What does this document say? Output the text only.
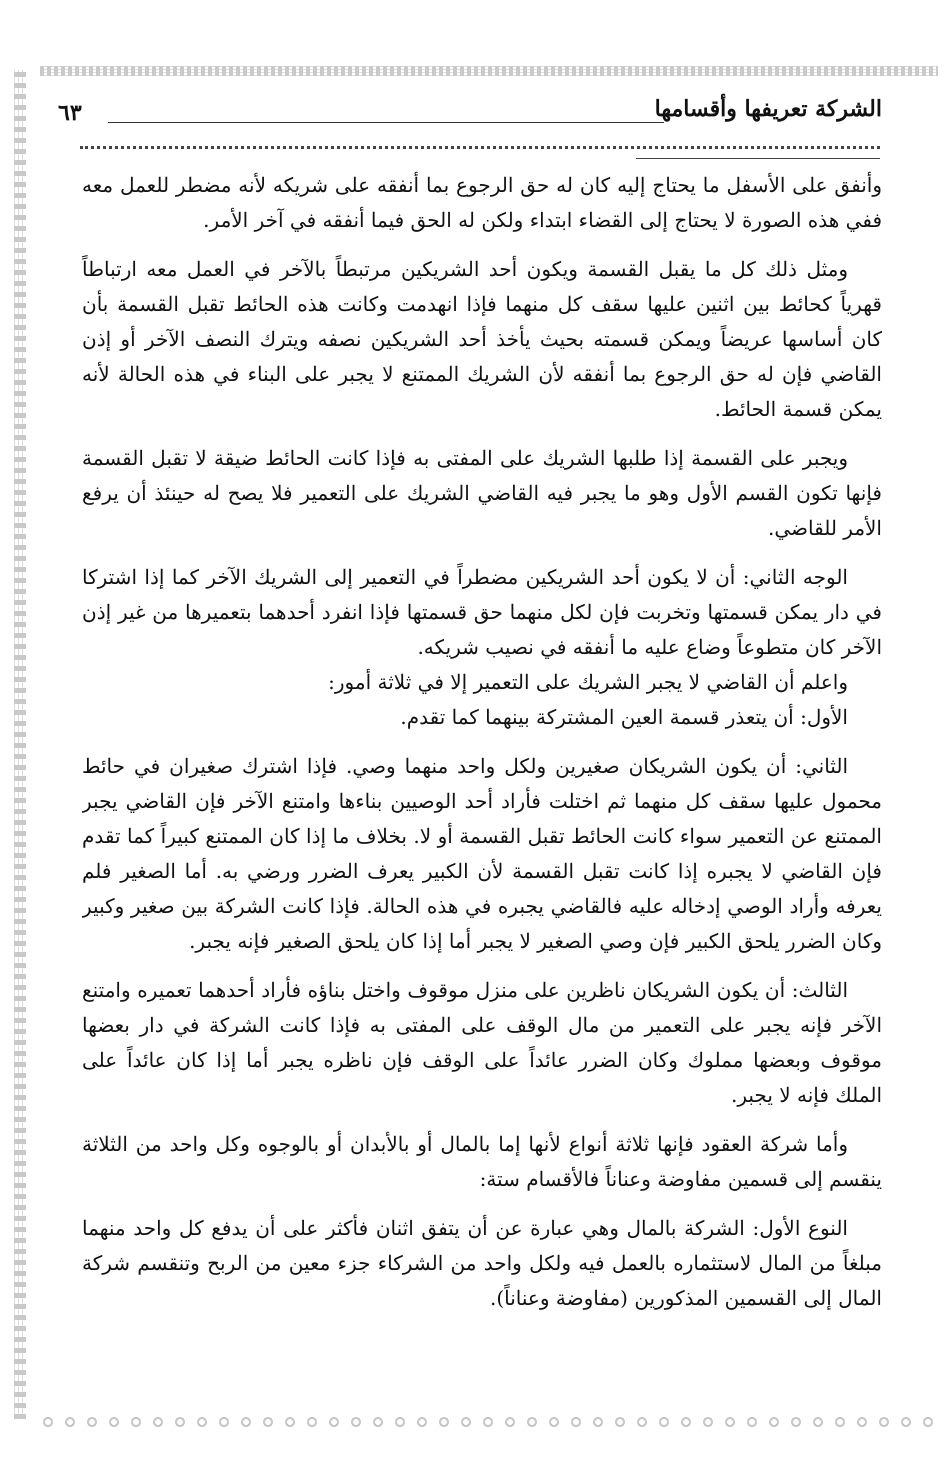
الشركة تعريفها وأقسامها
٦٣

وأنفق على الأسفل ما يحتاج إليه كان له حق الرجوع بما أنفقه على شريكه لأنه مضطر للعمل معه ففي هذه الصورة لا يحتاج إلى القضاء ابتداء ولكن له الحق فيما أنفقه في آخر الأمر.

ومثل ذلك كل ما يقبل القسمة ويكون أحد الشريكين مرتبطاً بالآخر في العمل معه ارتباطاً قهرياً كحائط بين اثنين عليها سقف كل منهما فإذا انهدمت وكانت هذه الحائط تقبل القسمة بأن كان أساسها عريضاً ويمكن قسمته بحيث يأخذ أحد الشريكين نصفه ويترك النصف الآخر أو إذن القاضي فإن له حق الرجوع بما أنفقه لأن الشريك الممتنع لا يجبر على البناء في هذه الحالة لأنه يمكن قسمة الحائط.

ويجبر على القسمة إذا طلبها الشريك على المفتى به فإذا كانت الحائط ضيقة لا تقبل القسمة فإنها تكون القسم الأول وهو ما يجبر فيه القاضي الشريك على التعمير فلا يصح له حينئذ أن يرفع الأمر للقاضي.

الوجه الثاني: أن لا يكون أحد الشريكين مضطراً في التعمير إلى الشريك الآخر كما إذا اشتركا في دار يمكن قسمتها وتخربت فإن لكل منهما حق قسمتها فإذا انفرد أحدهما بتعميرها من غير إذن الآخر كان متطوعاً وضاع عليه ما أنفقه في نصيب شريكه.

واعلم أن القاضي لا يجبر الشريك على التعمير إلا في ثلاثة أمور:

الأول: أن يتعذر قسمة العين المشتركة بينهما كما تقدم.

الثاني: أن يكون الشريكان صغيرين ولكل واحد منهما وصي. فإذا اشترك صغيران في حائط محمول عليها سقف كل منهما ثم اختلت فأراد أحد الوصيين بناءها وامتنع الآخر فإن القاضي يجبر الممتنع عن التعمير سواء كانت الحائط تقبل القسمة أو لا. بخلاف ما إذا كان الممتنع كبيراً كما تقدم فإن القاضي لا يجبره إذا كانت تقبل القسمة لأن الكبير يعرف الضرر ورضي به. أما الصغير فلم يعرفه وأراد الوصي إدخاله عليه فالقاضي يجبره في هذه الحالة. فإذا كانت الشركة بين صغير وكبير وكان الضرر يلحق الكبير فإن وصي الصغير لا يجبر أما إذا كان يلحق الصغير فإنه يجبر.

الثالث: أن يكون الشريكان ناظرين على منزل موقوف واختل بناؤه فأراد أحدهما تعميره وامتنع الآخر فإنه يجبر على التعمير من مال الوقف على المفتى به فإذا كانت الشركة في دار بعضها موقوف وبعضها مملوك وكان الضرر عائداً على الوقف فإن ناظره يجبر أما إذا كان عائداً على الملك فإنه لا يجبر.

وأما شركة العقود فإنها ثلاثة أنواع لأنها إما بالمال أو بالأبدان أو بالوجوه وكل واحد من الثلاثة ينقسم إلى قسمين مفاوضة وعناناً فالأقسام ستة:

النوع الأول: الشركة بالمال وهي عبارة عن أن يتفق اثنان فأكثر على أن يدفع كل واحد منهما مبلغاً من المال لاستثماره بالعمل فيه ولكل واحد من الشركاء جزء معين من الربح وتنقسم شركة المال إلى القسمين المذكورين (مفاوضة وعناناً).
